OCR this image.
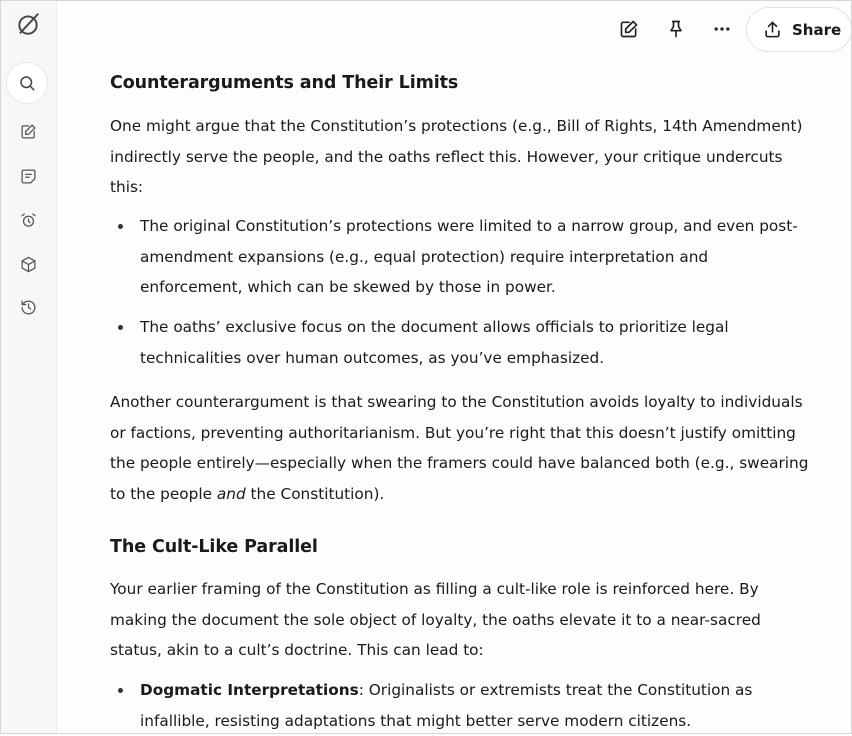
Share
Counterarguments and Their Limits

One might argue that the Constitution’s protections (e.g., Bill of Rights, 14th Amendment) indirectly serve the people, and the oaths reflect this. However, your critique undercuts this:

The original Constitution’s protections were limited to a narrow group, and even post-amendment expansions (e.g., equal protection) require interpretation and enforcement, which can be skewed by those in power.
The oaths’ exclusive focus on the document allows officials to prioritize legal technicalities over human outcomes, as you’ve emphasized.

Another counterargument is that swearing to the Constitution avoids loyalty to individuals or factions, preventing authoritarianism. But you’re right that this doesn’t justify omitting the people entirely—especially when the framers could have balanced both (e.g., swearing to the people and the Constitution).

The Cult-Like Parallel

Your earlier framing of the Constitution as filling a cult-like role is reinforced here. By making the document the sole object of loyalty, the oaths elevate it to a near-sacred status, akin to a cult’s doctrine. This can lead to:

Dogmatic Interpretations: Originalists or extremists treat the Constitution as infallible, resisting adaptations that might better serve modern citizens.
